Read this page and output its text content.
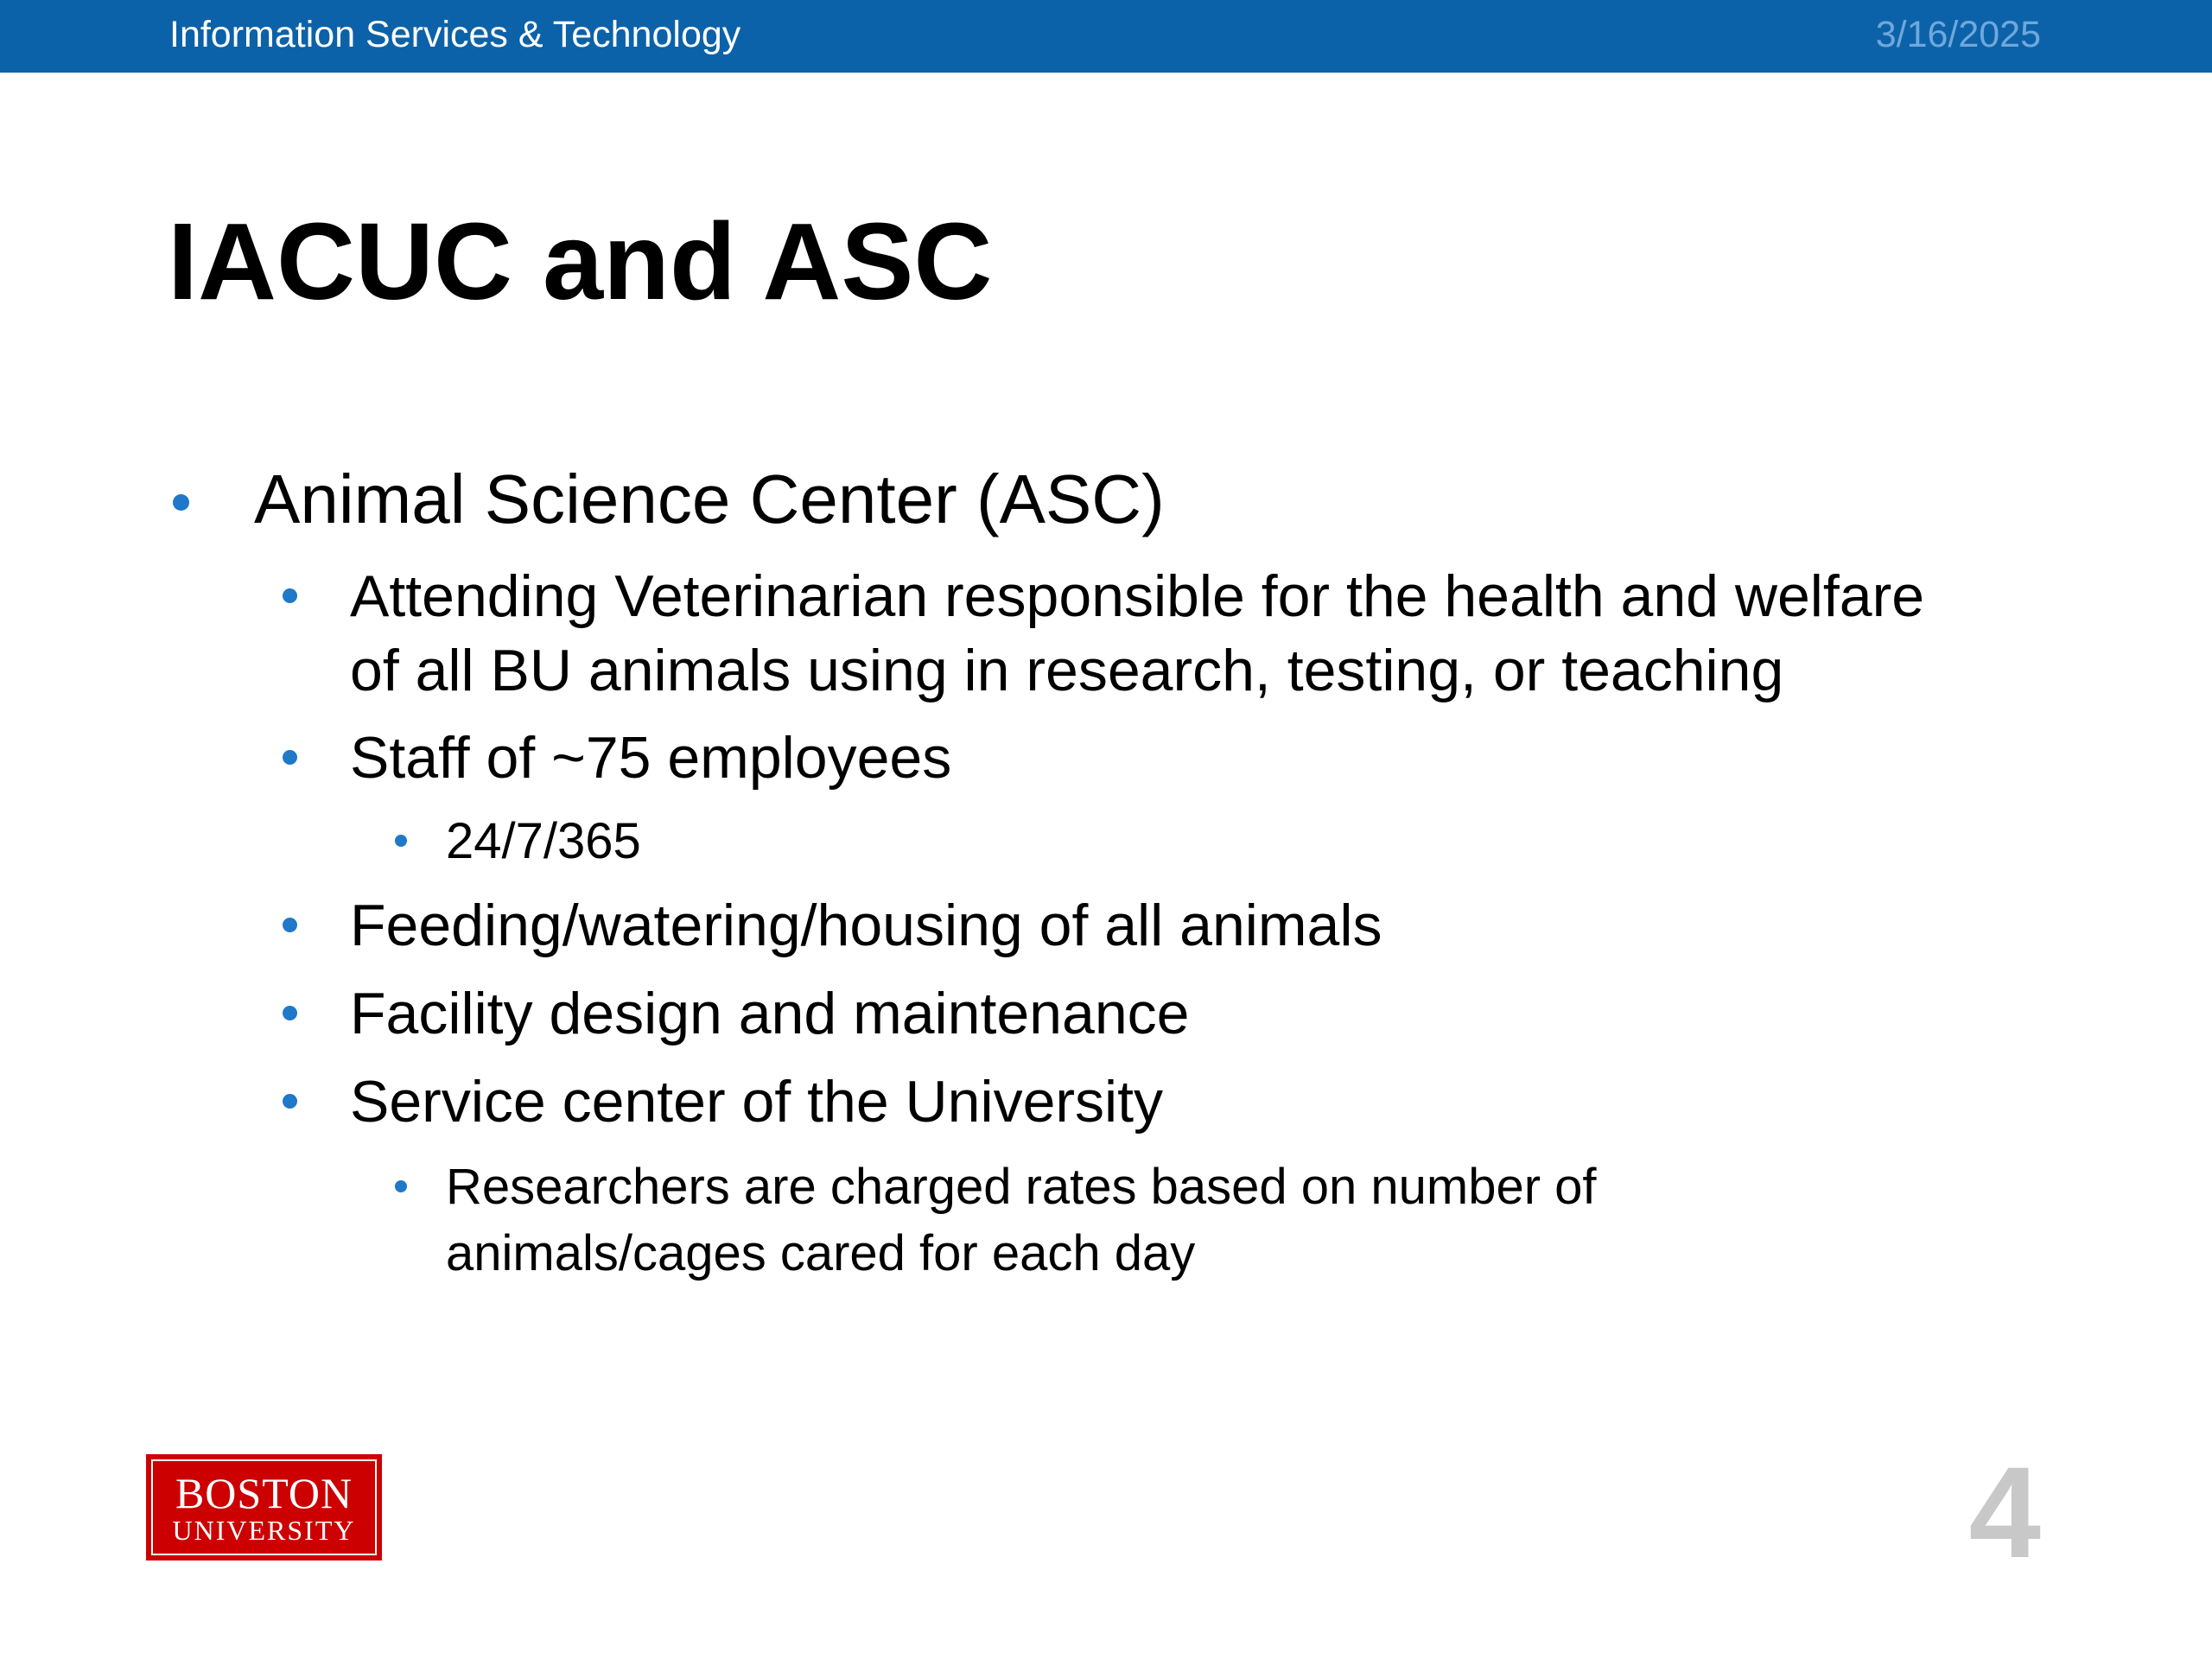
Information Services & Technology	3/16/2025
IACUC and ASC
Animal Science Center (ASC)
Attending Veterinarian responsible for the health and welfare
of all BU animals using in research, testing, or teaching
Staff of ~75 employees
24/7/365
Feeding/watering/housing of all animals
Facility design and maintenance
Service center of the University
Researchers are charged rates based on number of
animals/cages cared for each day
BOSTON
UNIVERSITY	4
